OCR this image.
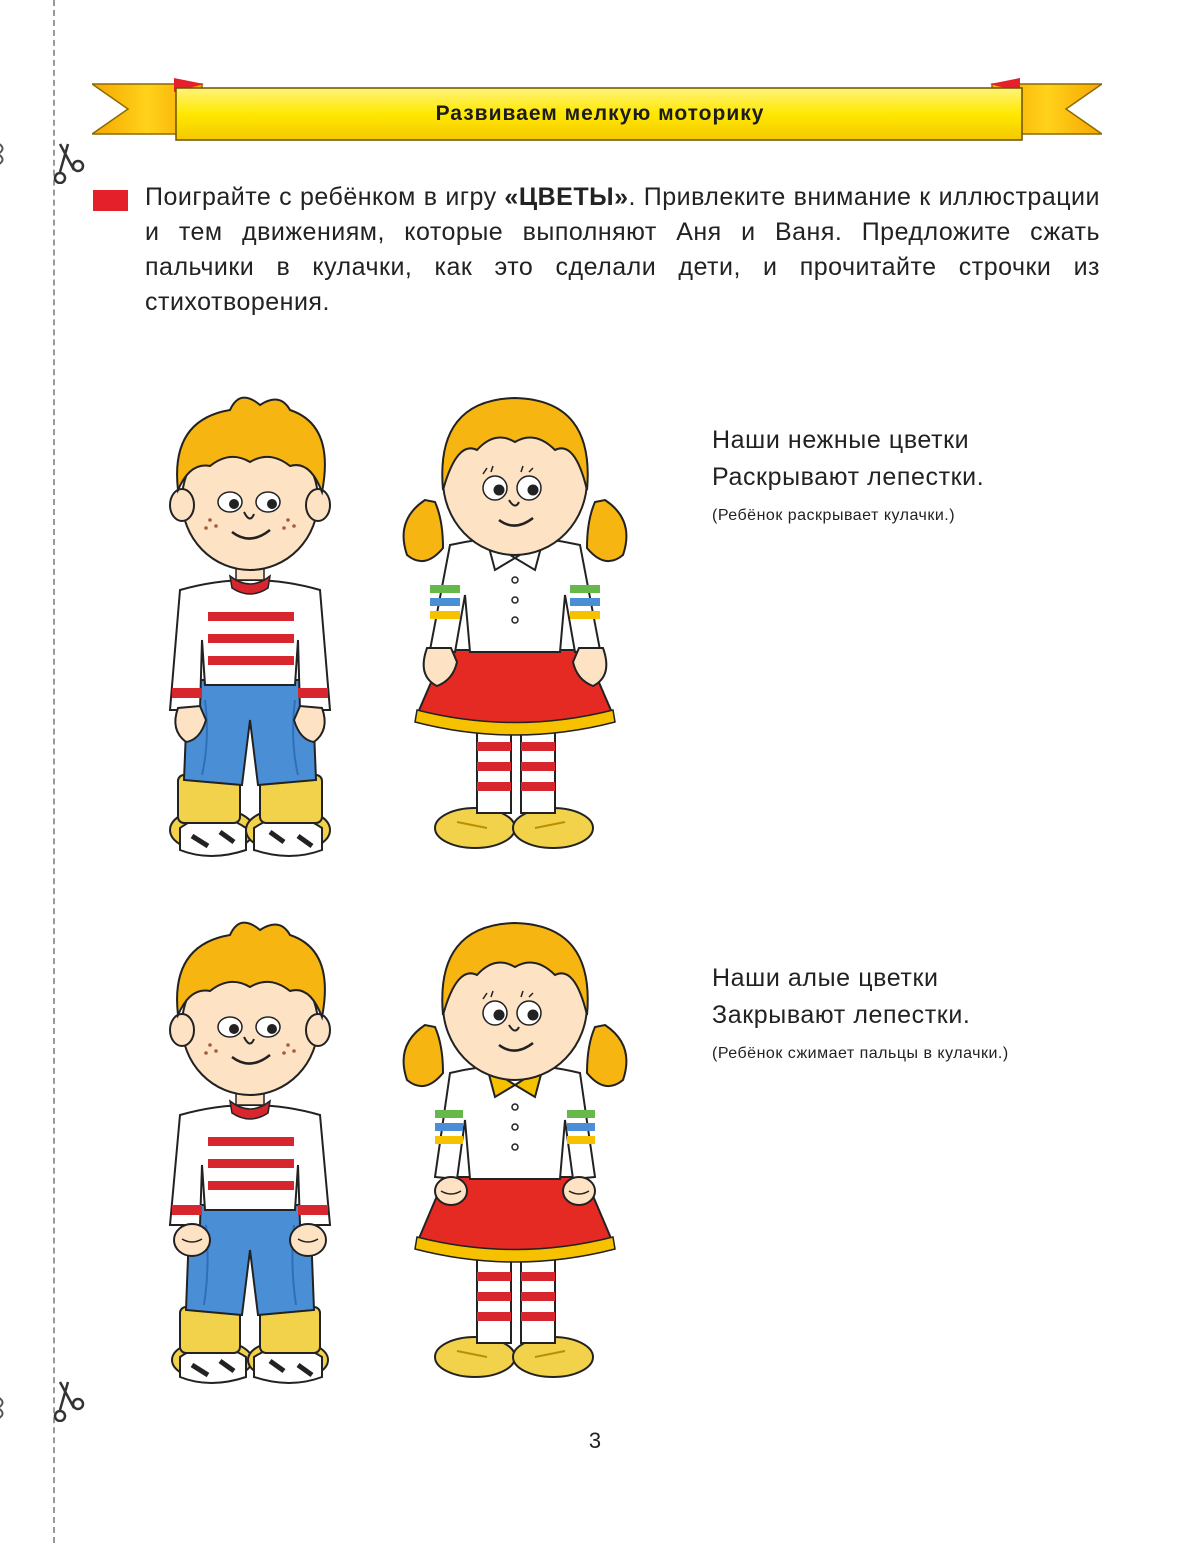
Развиваем мелкую моторику

Поиграйте с ребёнком в игру «ЦВЕТЫ». Привлеките внимание к иллюстрации и тем движениям, которые выполняют Аня и Ваня. Предложите сжать пальчики в кулачки, как это сделали дети, и прочитайте строчки из стихотворения.

Наши нежные цветки
Раскрывают лепестки.
(Ребёнок раскрывает кулачки.)
Наши алые цветки
Закрывают лепестки.
(Ребёнок сжимает пальцы в кулачки.)
3
